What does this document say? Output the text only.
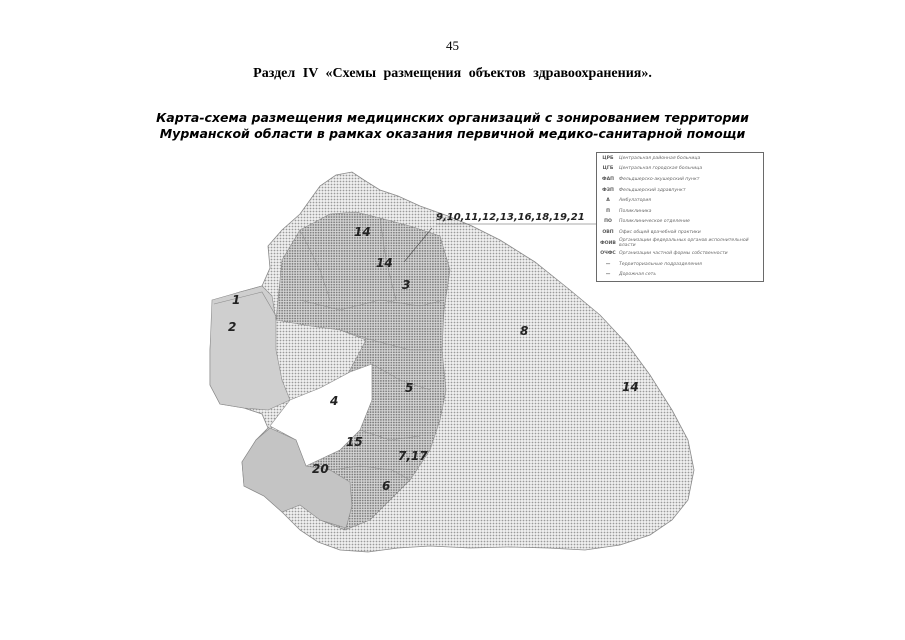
45
Раздел IV «Схемы размещения объектов здравоохранения».
Карта-схема размещения медицинских организаций с зонированием территории
Мурманской области в рамках оказания первичной медико-санитарной помощи
9,10,11,12,13,16,18,19,21
14
14
3
1
2	8
14
5
4
15
7,17
20
6
ЦРБ	Центральная районная больница
ЦГБ	Центральная городская больница
ФАП	Фельдшерско-акушерский пункт
ФЗП	Фельдшерский здравпункт
А	Амбулатория
П	Поликлиника
ПО	Поликлиническое отделение
ОВП	Офис общей врачебной практики
ФОИВ Организации федеральных органов исполнительной власти
ОЧФС Организации частной формы собственности
—	Территориальные подразделения
—	Дорожная сеть
